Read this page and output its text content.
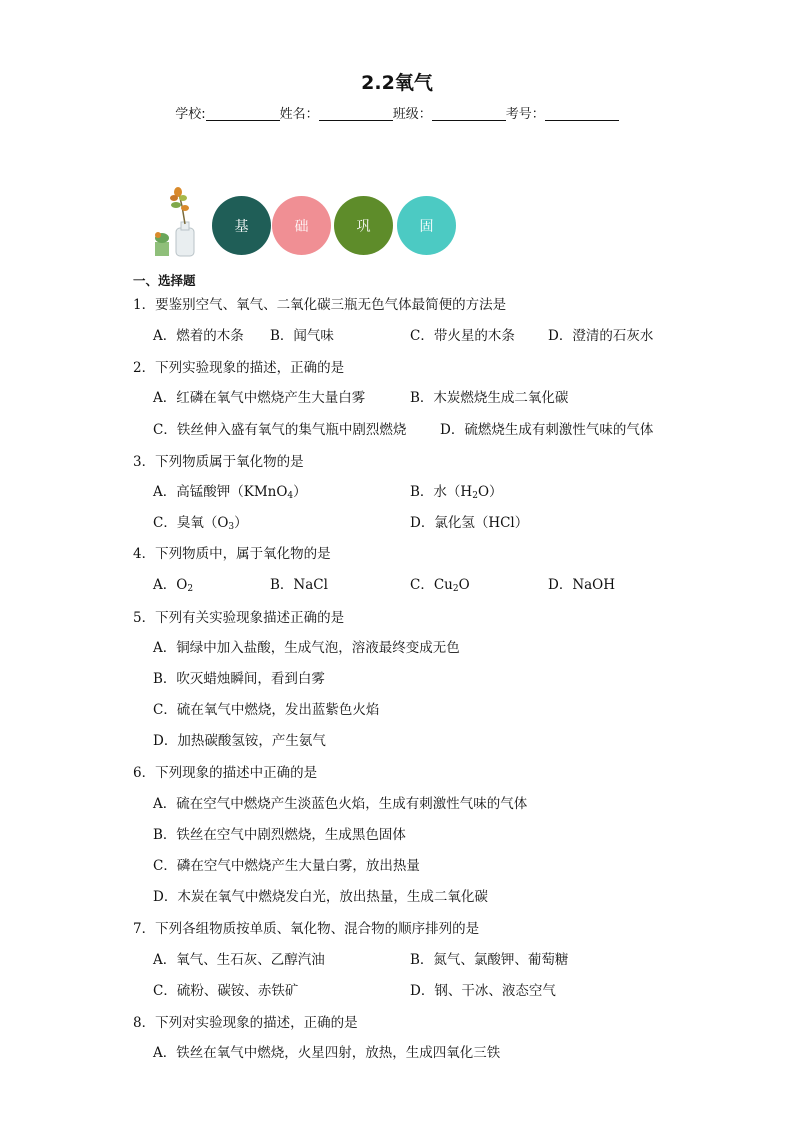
2.2氧气
学校:	姓名：	班级：	考号：
基	础	巩	固
一、选择题
1．要鉴别空气、氧气、二氧化碳三瓶无色气体最简便的方法是
A．燃着的木条 B．闻气味	C．带火星的木条 D．澄清的石灰水
2．下列实验现象的描述，正确的是
A．红磷在氧气中燃烧产生大量白雾	B．木炭燃烧生成二氧化碳
C．铁丝伸入盛有氧气的集气瓶中剧烈燃烧 D．硫燃烧生成有刺激性气味的气体
3．下列物质属于氧化物的是
A．高锰酸钾（KMnO$_4$）	B．水$(H_2O)$
C．臭氧$(O_3)$	D．氯化氢（HCl）
4．下列物质中，属于氧化物的是
A．$O_2$	B．NaCl	C．$Cu_2O$	D．NaOH
5．下列有关实验现象描述正确的是
A．铜绿中加入盐酸，生成气泡，溶液最终变成无色
B．吹灭蜡烛瞬间，看到白雾
C．硫在氧气中燃烧，发出蓝紫色火焰
D．加热碳酸氢铵，产生氨气
6．下列现象的描述中正确的是
A．硫在空气中燃烧产生淡蓝色火焰，生成有刺激性气味的气体
B．铁丝在空气中剧烈燃烧，生成黑色固体
C．磷在空气中燃烧产生大量白雾，放出热量
D．木炭在氧气中燃烧发白光，放出热量，生成二氧化碳
7．下列各组物质按单质、氧化物、混合物的顺序排列的是
A．氧气、生石灰、乙醇汽油	B．氮气、氯酸钾、葡萄糖
C．硫粉、碳铵、赤铁矿	D．钢、干冰、液态空气
8．下列对实验现象的描述，正确的是
A．铁丝在氧气中燃烧，火星四射，放热，生成四氧化三铁
